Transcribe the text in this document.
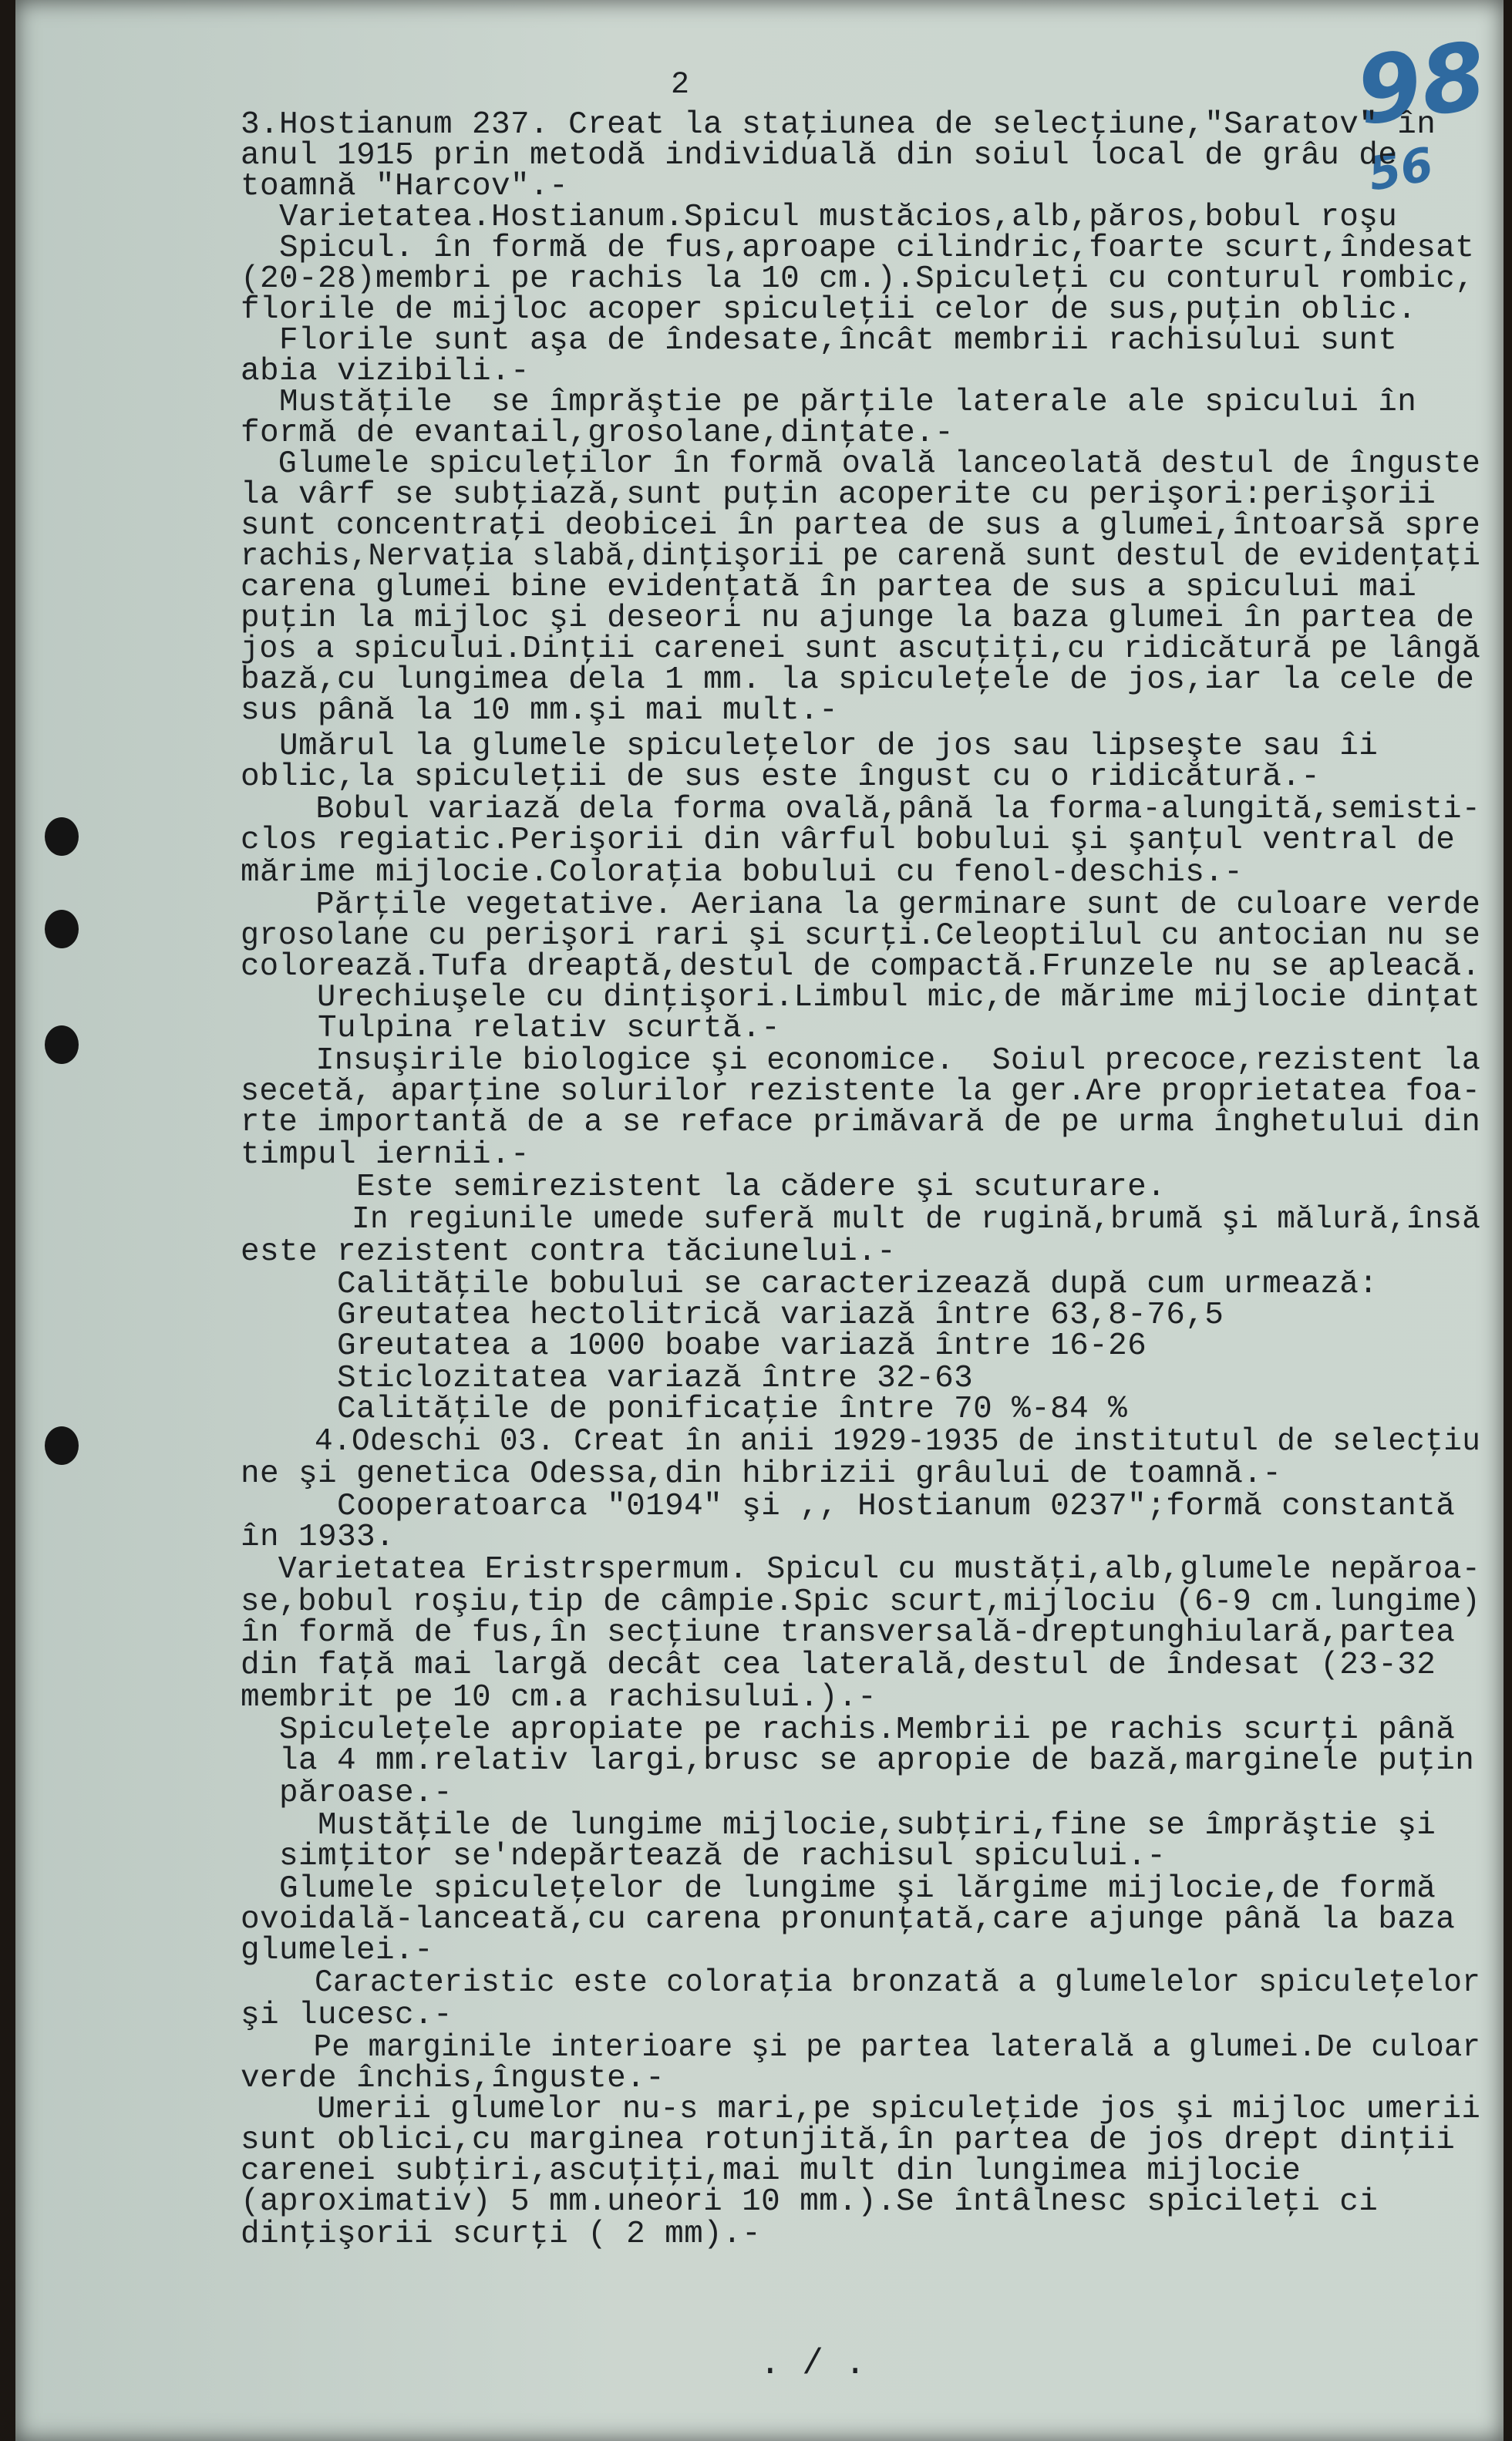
98
56
2
3.Hostianum 237. Creat la staţiunea de selecţiune,"Saratov" în
anul 1915 prin metodă individuală din soiul local de grâu de
toamnă "Harcov".-
Varietatea.Hostianum.Spicul mustăcios,alb,păros,bobul roşu
Spicul. în formă de fus,aproape cilindric,foarte scurt,îndesat
(20-28)membri pe rachis la 10 cm.).Spiculeţi cu conturul rombic,
florile de mijloc acoper spiculeţii celor de sus,puţin oblic.
Florile sunt aşa de îndesate,încât membrii rachisului sunt
abia vizibili.-
Mustăţile  se împrăştie pe părţile laterale ale spicului în
formă de evantail,grosolane,dinţate.-
Glumele spiculeţilor în formă ovală lanceolată destul de înguste
la vârf se subţiază,sunt puţin acoperite cu perişori:perişorii
sunt concentraţi deobicei în partea de sus a glumei,întoarsă spre
rachis,Nervaţia slabă,dinţişorii pe carenă sunt destul de evidenţaţi
carena glumei bine evidenţată în partea de sus a spicului mai
puţin la mijloc şi deseori nu ajunge la baza glumei în partea de
jos a spicului.Dinţii carenei sunt ascuţiţi,cu ridicătură pe lângă
bază,cu lungimea dela 1 mm. la spiculeţele de jos,iar la cele de
sus până la 10 mm.şi mai mult.-
Umărul la glumele spiculeţelor de jos sau lipseşte sau îi
oblic,la spiculeţii de sus este îngust cu o ridicătură.-
Bobul variază dela forma ovală,până la forma-alungită,semisti-
clos regiatic.Perişorii din vârful bobului şi şanţul ventral de
mărime mijlocie.Coloraţia bobului cu fenol-deschis.-
Părţile vegetative. Aeriana la germinare sunt de culoare verde
grosolane cu perişori rari şi scurţi.Celeoptilul cu antocian nu se
colorează.Tufa dreaptă,destul de compactă.Frunzele nu se apleacă.
Urechiuşele cu dinţişori.Limbul mic,de mărime mijlocie dinţat
Tulpina relativ scurtă.-
Insuşirile biologice şi economice.  Soiul precoce,rezistent la
secetă, aparţine solurilor rezistente la ger.Are proprietatea foa-
rte importantă de a se reface primăvară de pe urma înghetului din
timpul iernii.-
Este semirezistent la cădere şi scuturare.
In regiunile umede suferă mult de rugină,brumă şi mălură,însă
este rezistent contra tăciunelui.-
Calităţile bobului se caracterizează după cum urmează:
Greutatea hectolitrică variază între 63,8-76,5
Greutatea a 1000 boabe variază între 16-26
Sticlozitatea variază între 32-63
Calităţile de ponificaţie între 70 %-84 %
4.Odeschi 03. Creat în anii 1929-1935 de institutul de selecţiu
ne şi genetica Odessa,din hibrizii grâului de toamnă.-
Cooperatoarca "0194" şi ,, Hostianum 0237";formă constantă
în 1933.
Varietatea Eristrspermum. Spicul cu mustăţi,alb,glumele nepăroa-
se,bobul roşiu,tip de câmpie.Spic scurt,mijlociu (6-9 cm.lungime)
în formă de fus,în secţiune transversală-dreptunghiulară,partea
din faţă mai largă decât cea laterală,destul de îndesat (23-32
membrit pe 10 cm.a rachisului.).-
Spiculeţele apropiate pe rachis.Membrii pe rachis scurţi până
la 4 mm.relativ largi,brusc se apropie de bază,marginele puţin
păroase.-
Mustăţile de lungime mijlocie,subţiri,fine se împrăştie şi
simţitor se'ndepărtează de rachisul spicului.-
Glumele spiculeţelor de lungime şi lărgime mijlocie,de formă
ovoidală-lanceată,cu carena pronunţată,care ajunge până la baza
glumelei.-
Caracteristic este coloraţia bronzată a glumelelor spiculeţelor
şi lucesc.-
Pe marginile interioare şi pe partea laterală a glumei.De culoar
verde închis,înguste.-
Umerii glumelor nu-s mari,pe spiculeţide jos şi mijloc umerii
sunt oblici,cu marginea rotunjită,în partea de jos drept dinţii
carenei subţiri,ascuţiţi,mai mult din lungimea mijlocie
(aproximativ) 5 mm.uneori 10 mm.).Se întâlnesc spicileţi ci
dinţişorii scurţi ( 2 mm).-
. / .
